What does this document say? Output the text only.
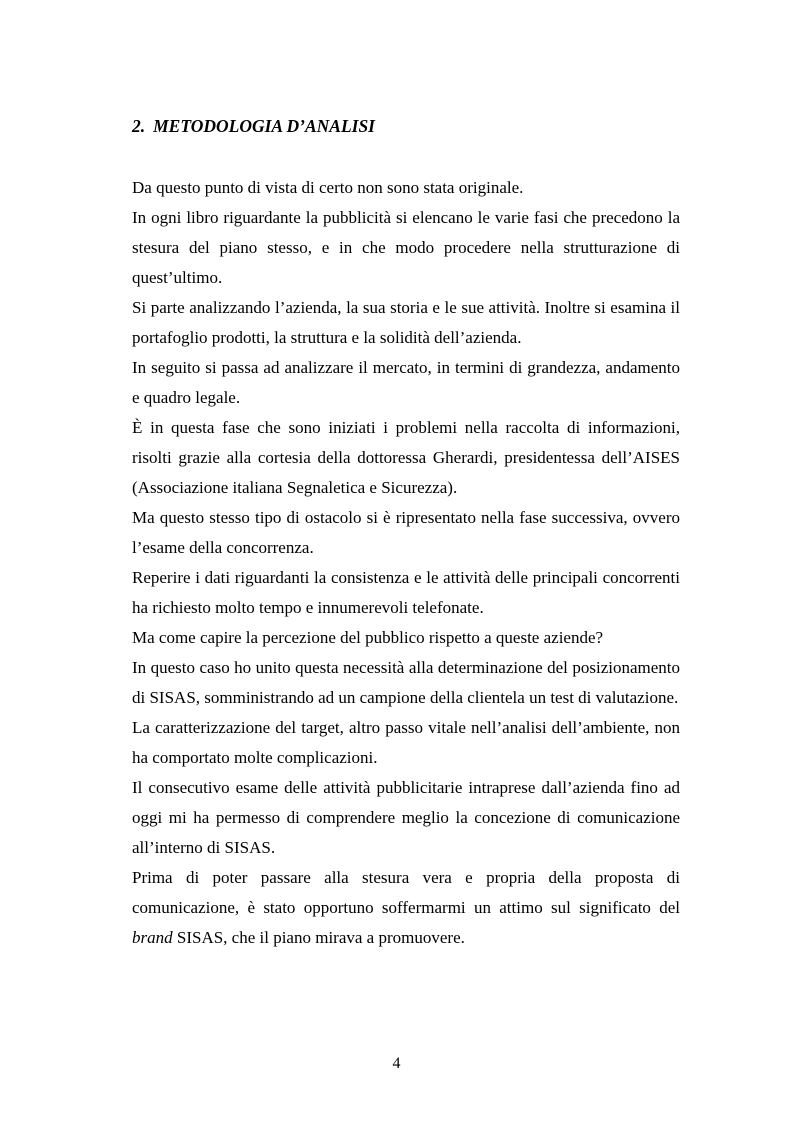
2. METODOLOGIA D’ANALISI

Da questo punto di vista di certo non sono stata originale.

In ogni libro riguardante la pubblicità si elencano le varie fasi che precedono la stesura del piano stesso, e in che modo procedere nella strutturazione di quest’ultimo.

Si parte analizzando l’azienda, la sua storia e le sue attività. Inoltre si esamina il portafoglio prodotti, la struttura e la solidità dell’azienda.

In seguito si passa ad analizzare il mercato, in termini di grandezza, andamento e quadro legale.

È in questa fase che sono iniziati i problemi nella raccolta di informazioni, risolti grazie alla cortesia della dottoressa Gherardi, presidentessa dell’AISES (Associazione italiana Segnaletica e Sicurezza).

Ma questo stesso tipo di ostacolo si è ripresentato nella fase successiva, ovvero l’esame della concorrenza.

Reperire i dati riguardanti la consistenza e le attività delle principali concorrenti ha richiesto molto tempo e innumerevoli telefonate.

Ma come capire la percezione del pubblico rispetto a queste aziende?

In questo caso ho unito questa necessità alla determinazione del posizionamento di SISAS, somministrando ad un campione della clientela un test di valutazione.

La caratterizzazione del target, altro passo vitale nell’analisi dell’ambiente, non ha comportato molte complicazioni.

Il consecutivo esame delle attività pubblicitarie intraprese dall’azienda fino ad oggi mi ha permesso di comprendere meglio la concezione di comunicazione all’interno di SISAS.

Prima di poter passare alla stesura vera e propria della proposta di comunicazione, è stato opportuno soffermarmi un attimo sul significato del brand SISAS, che il piano mirava a promuovere.

4
